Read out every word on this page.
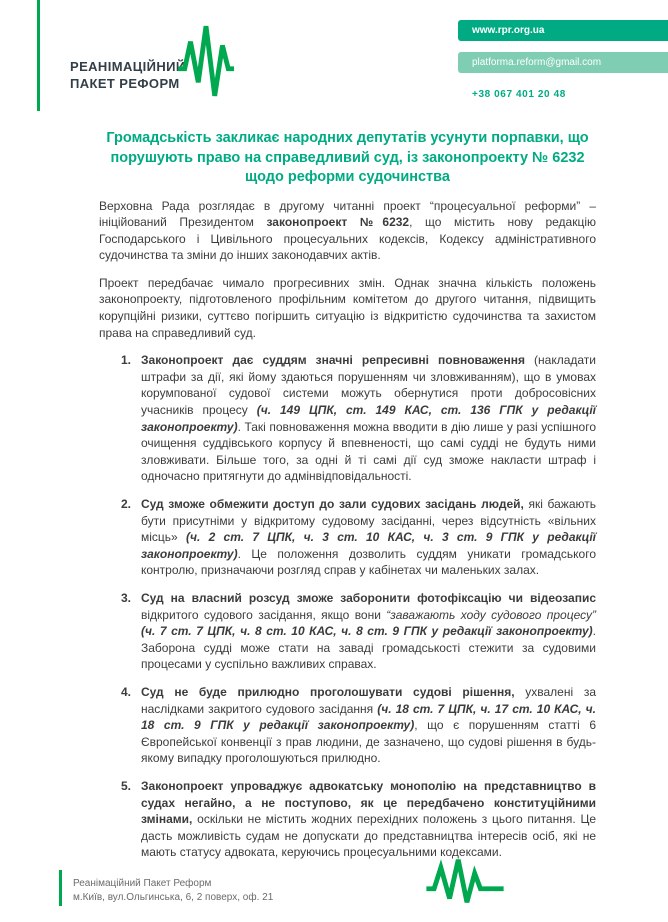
РЕАНІМАЦІЙНИЙ
ПАКЕТ РЕФОРМ
www.rpr.org.ua
platforma.reform@gmail.com
+38 067 401 20 48
Громадськість закликає народних депутатів усунути порпавки, що порушують право на справедливий суд, із законопроекту № 6232 щодо реформи судочинства

Верховна Рада розглядає в другому читанні проект “процесуальної реформи” – ініційований Президентом законопроект №6232, що містить нову редакцію Господарського і Цивільного процесуальних кодексів, Кодексу адміністративного судочинства та зміни до інших законодавчих актів.

Проект передбачає чимало прогресивних змін. Однак значна кількість положень законопроекту, підготовленого профільним комітетом до другого читання, підвищить корупційні ризики, суттєво погіршить ситуацію із відкритістю судочинства та захистом права на справедливий суд.

1. Законопроект дає суддям значні репресивні повноваження (накладати штрафи за дії, які йому здаються порушенням чи зловживанням), що в умовах корумпованої судової системи можуть обернутися проти добросовісних учасників процесу (ч. 149 ЦПК, ст. 149 КАС, ст. 136 ГПК у редакції законопроекту). Такі повноваження можна вводити в дію лише у разі успішного очищення суддівського корпусу й впевненості, що самі судді не будуть ними зловживати. Більше того, за одні й ті самі дії суд зможе накласти штраф і одночасно притягнути до адмінвідповідальності.
2. Суд зможе обмежити доступ до зали судових засідань людей, які бажають бути присутніми у відкритому судовому засіданні, через відсутність «вільних місць» (ч. 2 ст. 7 ЦПК, ч. 3 ст. 10 КАС, ч. 3 ст. 9 ГПК у редакції законопроекту). Це положення дозволить суддям уникати громадського контролю, призначаючи розгляд справ у кабінетах чи маленьких залах.
3. Суд на власний розсуд зможе заборонити фотофіксацію чи відеозапис відкритого судового засідання, якщо вони “заважають ходу судового процесу” (ч. 7 ст. 7 ЦПК, ч. 8 ст. 10 КАС, ч. 8 ст. 9 ГПК у редакції законопроекту). Заборона судді може стати на заваді громадськості стежити за судовими процесами у суспільно важливих справах.
4. Суд не буде прилюдно проголошувати судові рішення, ухвалені за наслідками закритого судового засідання (ч. 18 ст. 7 ЦПК, ч. 17 ст. 10 КАС, ч. 18 ст. 9 ГПК у редакції законопроекту), що є порушенням статті 6 Європейської конвенції з прав людини, де зазначено, що судові рішення в будь-якому випадку проголошуються прилюдно.
5. Законопроект упроваджує адвокатську монополію на представництво в судах негайно, а не поступово, як це передбачено конституційними змінами, оскільки не містить жодних перехідних положень з цього питання. Це дасть можливість судам не допускати до представництва інтересів осіб, які не мають статусу адвоката, керуючись процесуальними кодексами.
Реанімаційний Пакет Реформ
м.Київ, вул.Ольгинська, 6, 2 поверх, оф. 21
